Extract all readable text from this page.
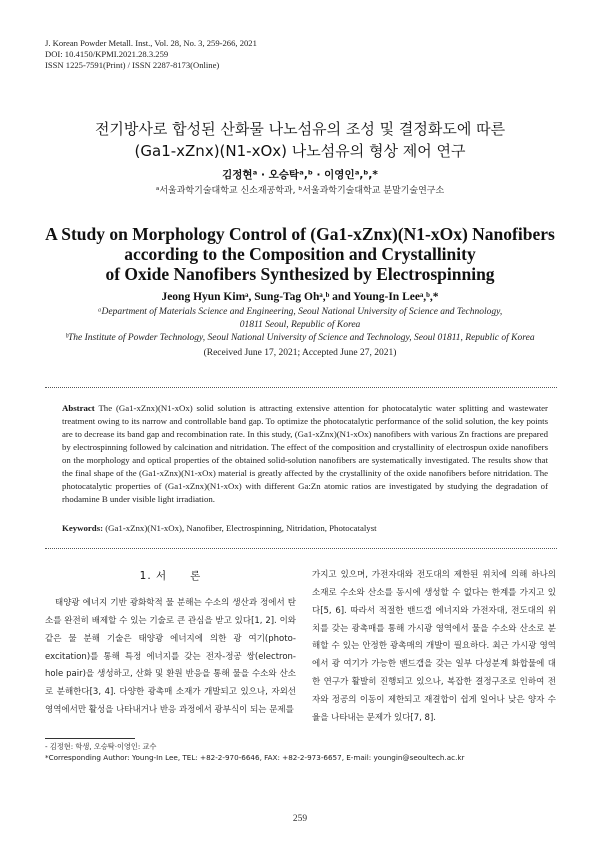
J. Korean Powder Metall. Inst., Vol. 28, No. 3, 259-266, 2021
DOI: 10.4150/KPMI.2021.28.3.259
ISSN 1225-7591(Print) / ISSN 2287-8173(Online)
전기방사로 합성된 산화물 나노섬유의 조성 및 결정화도에 따른
(Ga1-xZnx)(N1-xOx) 나노섬유의 형상 제어 연구
김정현ᵃ · 오승탁ᵃ,ᵇ · 이영인ᵃ,ᵇ,*
ᵃ서울과학기술대학교 신소재공학과, ᵇ서울과학기술대학교 분말기술연구소
A Study on Morphology Control of (Ga1-xZnx)(N1-xOx) Nanofibers
according to the Composition and Crystallinity
of Oxide Nanofibers Synthesized by Electrospinning
Jeong Hyun Kimᵃ, Sung-Tag Ohᵃ,ᵇ and Young-In Leeᵃ,ᵇ,*
ᵃDepartment of Materials Science and Engineering, Seoul National University of Science and Technology,
01811 Seoul, Republic of Korea
ᵇThe Institute of Powder Technology, Seoul National University of Science and Technology, Seoul 01811, Republic of Korea
(Received June 17, 2021; Accepted June 27, 2021)
Abstract The (Ga1-xZnx)(N1-xOx) solid solution is attracting extensive attention for photocatalytic water splitting and wastewater treatment owing to its narrow and controllable band gap. To optimize the photocatalytic performance of the solid solution, the key points are to decrease its band gap and recombination rate. In this study, (Ga1-xZnx)(N1-xOx) nanofibers with various Zn fractions are prepared by electrospinning followed by calcination and nitridation. The effect of the composition and crystallinity of electrospun oxide nanofibers on the morphology and optical properties of the obtained solid-solution nanofibers are systematically investigated. The results show that the final shape of the (Ga1-xZnx)(N1-xOx) material is greatly affected by the crystallinity of the oxide nanofibers before nitridation. The photocatalytic properties of (Ga1-xZnx)(N1-xOx) with different Ga:Zn atomic ratios are investigated by studying the degradation of rhodamine B under visible light irradiation.
Keywords: (Ga1-xZnx)(N1-xOx), Nanofiber, Electrospinning, Nitridation, Photocatalyst
1. 서　　론
태양광 에너지 기반 광화학적 물 분해는 수소의 생산과 정에서 탄소를 완전히 배제할 수 있는 기술로 큰 관심을 받고 있다[1, 2]. 이와 같은 물 분해 기술은 태양광 에너지에 의한 광 여기(photo-excitation)를 통해 특정 에너지를 갖는 전자-정공 쌍(electron-hole pair)을 생성하고, 산화 및 환원 반응을 통해 물을 수소와 산소로 분해한다[3, 4]. 다양한 광촉매 소재가 개발되고 있으나, 자외선 영역에서만 활성을 나타내거나 반응 과정에서 광부식이 되는 문제를
가지고 있으며, 가전자대와 전도대의 제한된 위치에 의해 하나의 소재로 수소와 산소를 동시에 생성할 수 없다는 한계를 가지고 있다[5, 6]. 따라서 적절한 밴드갭 에너지와 가전자대, 전도대의 위치를 갖는 광촉매를 통해 가시광 영역에서 물을 수소와 산소로 분해할 수 있는 안정한 광촉매의 개발이 필요하다. 최근 가시광 영역에서 광 여기가 가능한 밴드갭을 갖는 일부 다성분계 화합물에 대한 연구가 활발히 진행되고 있으나, 복잡한 결정구조로 인하여 전자와 정공의 이동이 제한되고 재결합이 쉽게 일어나 낮은 양자 수율을 나타내는 문제가 있다[7, 8].
- 김정현: 학생, 오승탁·이영인: 교수
*Corresponding Author: Young-In Lee, TEL: +82-2-970-6646, FAX: +82-2-973-6657, E-mail: youngin@seoultech.ac.kr
259
